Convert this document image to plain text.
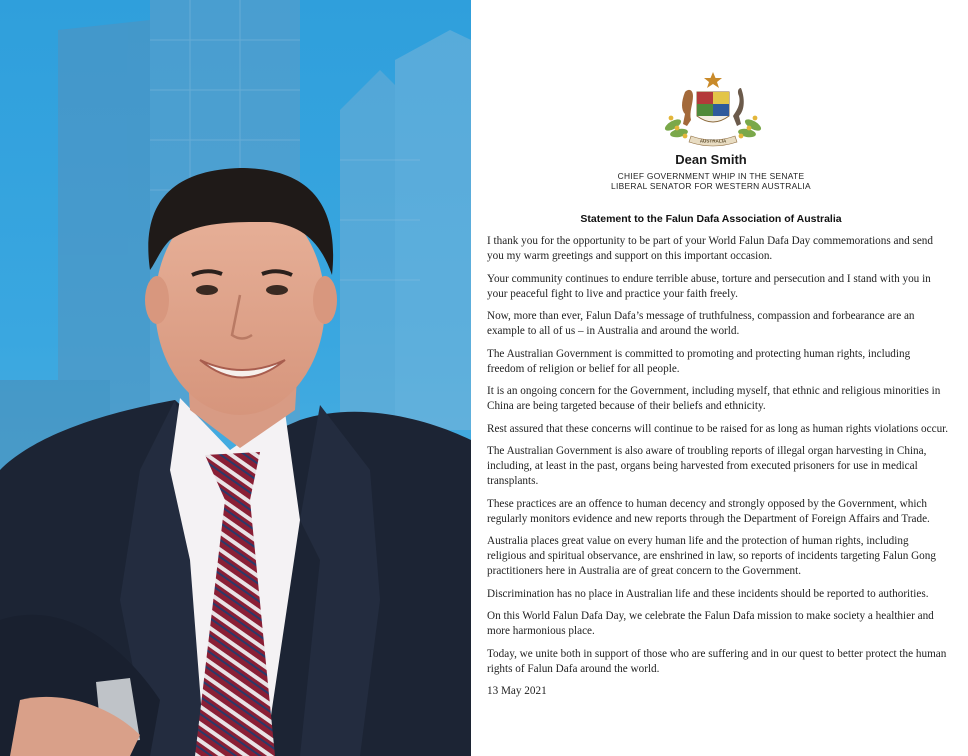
AUSTRALIA
Dean Smith
CHIEF GOVERNMENT WHIP IN THE SENATE
LIBERAL SENATOR FOR WESTERN AUSTRALIA
Statement to the Falun Dafa Association of Australia

I thank you for the opportunity to be part of your World Falun Dafa Day commemorations and send you my warm greetings and support on this important occasion.

Your community continues to endure terrible abuse, torture and persecution and I stand with you in your peaceful fight to live and practice your faith freely.

Now, more than ever, Falun Dafa’s message of truthfulness, compassion and forbearance are an example to all of us – in Australia and around the world.

The Australian Government is committed to promoting and protecting human rights, including freedom of religion or belief for all people.

It is an ongoing concern for the Government, including myself, that ethnic and religious minorities in China are being targeted because of their beliefs and ethnicity.

Rest assured that these concerns will continue to be raised for as long as human rights violations occur.

The Australian Government is also aware of troubling reports of illegal organ harvesting in China, including, at least in the past, organs being harvested from executed prisoners for use in medical transplants.

These practices are an offence to human decency and strongly opposed by the Government, which regularly monitors evidence and new reports through the Department of Foreign Affairs and Trade.

Australia places great value on every human life and the protection of human rights, including religious and spiritual observance, are enshrined in law, so reports of incidents targeting Falun Gong practitioners here in Australia are of great concern to the Government.

Discrimination has no place in Australian life and these incidents should be reported to authorities.

On this World Falun Dafa Day, we celebrate the Falun Dafa mission to make society a healthier and more harmonious place.

Today, we unite both in support of those who are suffering and in our quest to better protect the human rights of Falun Dafa around the world.

13 May 2021
